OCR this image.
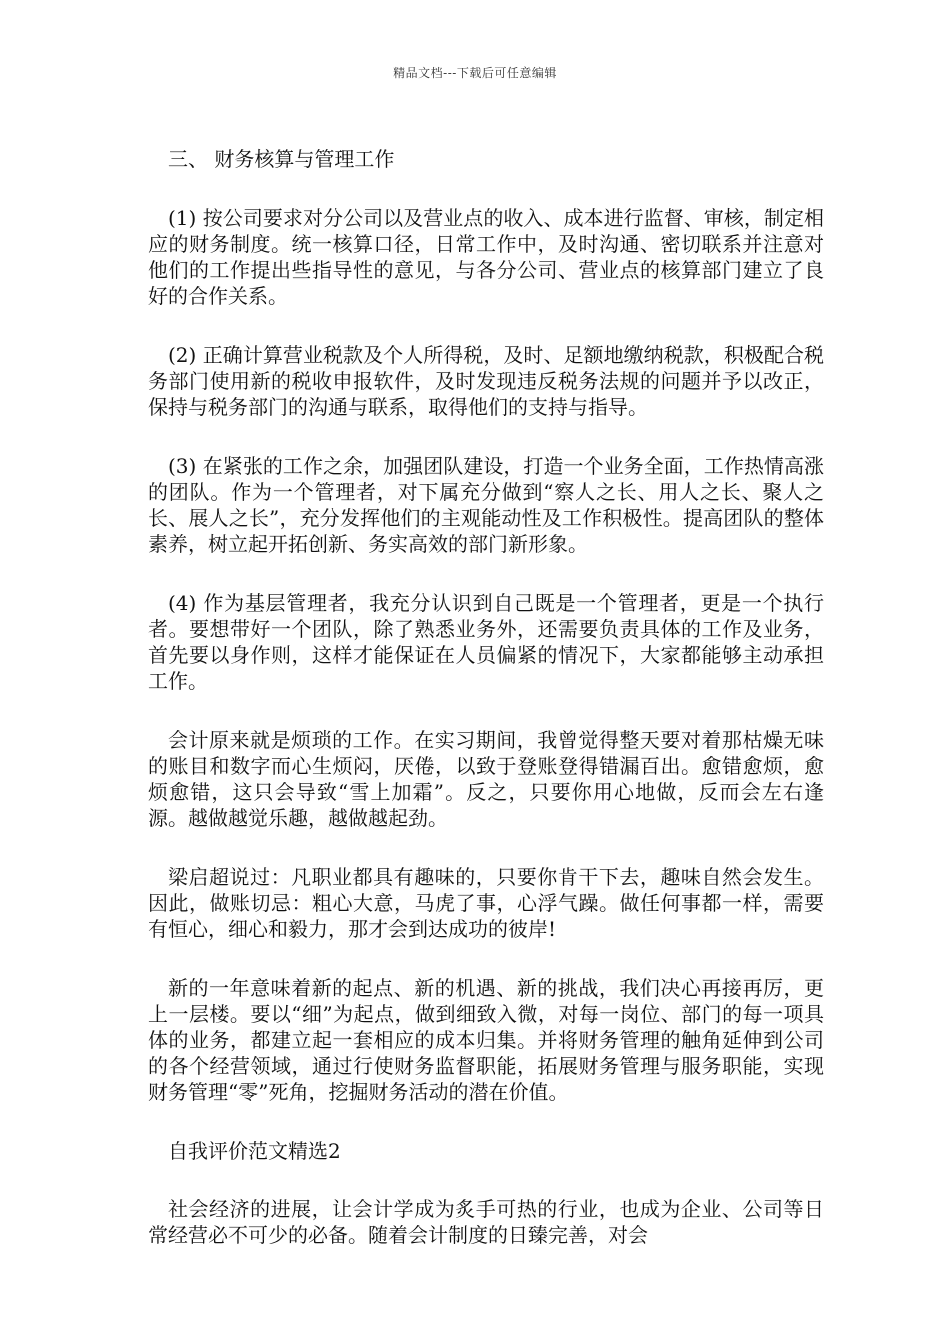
精品文档---下载后可任意编辑

三、 财务核算与管理工作

(1) 按公司要求对分公司以及营业点的收入、成本进行监督、审核，制定相应的财务制度。统一核算口径，日常工作中，及时沟通、密切联系并注意对他们的工作提出些指导性的意见，与各分公司、营业点的核算部门建立了良好的合作关系。

(2) 正确计算营业税款及个人所得税，及时、足额地缴纳税款，积极配合税务部门使用新的税收申报软件，及时发现违反税务法规的问题并予以改正，保持与税务部门的沟通与联系，取得他们的支持与指导。

(3) 在紧张的工作之余，加强团队建设，打造一个业务全面，工作热情高涨的团队。作为一个管理者，对下属充分做到“察人之长、用人之长、聚人之长、展人之长”，充分发挥他们的主观能动性及工作积极性。提高团队的整体素养，树立起开拓创新、务实高效的部门新形象。

(4) 作为基层管理者，我充分认识到自己既是一个管理者，更是一个执行者。要想带好一个团队，除了熟悉业务外，还需要负责具体的工作及业务，首先要以身作则，这样才能保证在人员偏紧的情况下，大家都能够主动承担工作。

会计原来就是烦琐的工作。在实习期间，我曾觉得整天要对着那枯燥无味的账目和数字而心生烦闷，厌倦，以致于登账登得错漏百出。愈错愈烦，愈烦愈错，这只会导致“雪上加霜”。反之，只要你用心地做，反而会左右逢源。越做越觉乐趣，越做越起劲。

梁启超说过：凡职业都具有趣味的，只要你肯干下去，趣味自然会发生。因此，做账切忌：粗心大意，马虎了事，心浮气躁。做任何事都一样，需要有恒心，细心和毅力，那才会到达成功的彼岸!

新的一年意味着新的起点、新的机遇、新的挑战，我们决心再接再厉，更上一层楼。要以“细”为起点，做到细致入微，对每一岗位、部门的每一项具体的业务，都建立起一套相应的成本归集。并将财务管理的触角延伸到公司的各个经营领域，通过行使财务监督职能，拓展财务管理与服务职能，实现财务管理“零”死角，挖掘财务活动的潜在价值。

自我评价范文精选2

社会经济的进展，让会计学成为炙手可热的行业，也成为企业、公司等日常经营必不可少的必备。随着会计制度的日臻完善，对会
